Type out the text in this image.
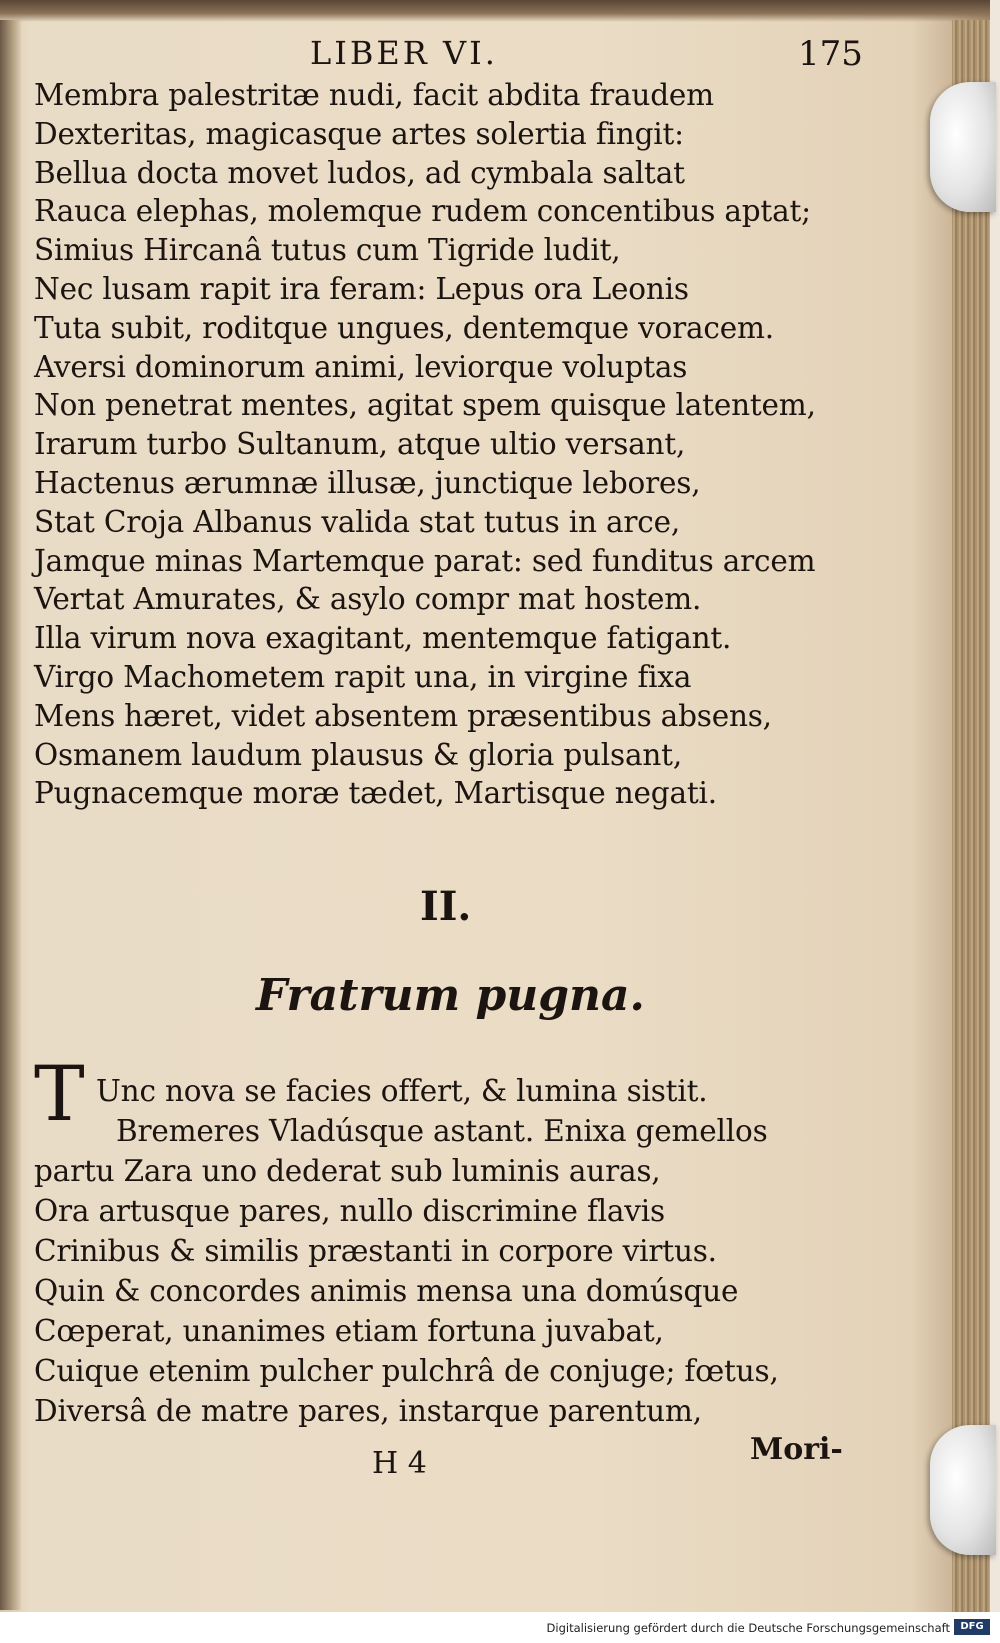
LIBER VI.	175
Membra palestritæ nudi, facit abdita fraudem
Dexteritas, magicasque artes solertia fingit:
Bellua docta movet ludos, ad cymbala saltat
Rauca elephas, molemque rudem concentibus aptat;
Simius Hircanâ tutus cum Tigride ludit,
Nec lusam rapit ira feram: Lepus ora Leonis
Tuta subit, roditque ungues, dentemque voracem.
Aversi dominorum animi, leviorque voluptas
Non penetrat mentes, agitat spem quisque latentem,
Irarum turbo Sultanum, atque ultio versant,
Hactenus ærumnæ illusæ, junctique lebores,
Stat Croja Albanus valida stat tutus in arce,
Jamque minas Martemque parat: sed funditus arcem
Vertat Amurates, & asylo compr mat hostem.
Illa virum nova exagitant, mentemque fatigant.
Virgo Machometem rapit una, in virgine fixa
Mens hæret, videt absentem præsentibus absens,
Osmanem laudum plausus & gloria pulsant,
Pugnacemque moræ tædet, Martisque negati.
II.
Fratrum pugna.
T Unc nova se facies offert, & lumina sistit.
Bremeres Vladúsque astant. Enixa gemellos
partu Zara uno dederat sub luminis auras,
Ora artusque pares, nullo discrimine flavis
Crinibus & similis præstanti in corpore virtus.
Quin & concordes animis mensa una domúsque
Cœperat, unanimes etiam fortuna juvabat,
Cuique etenim pulcher pulchrâ de conjuge; fœtus,
Diversâ de matre pares, instarque parentum,
H 4	Mori-
Digitalisierung gefördert durch die Deutsche Forschungsgemeinschaft	DFG
